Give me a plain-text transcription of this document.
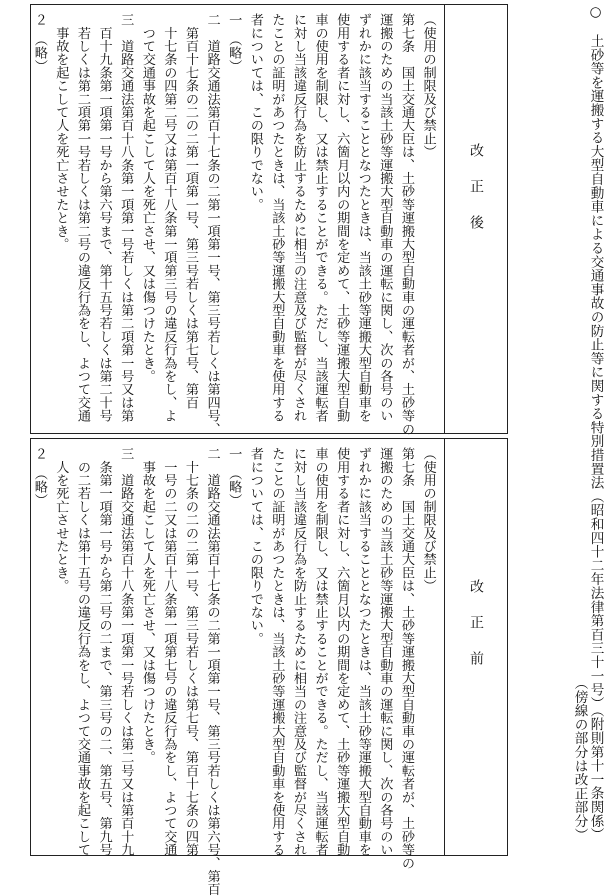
○　土砂等を運搬する大型自動車による交通事故の防止等に関する特別措置法（昭和四十二年法律第百三十一号）（附則第十一条関係）
（傍線の部分は改正部分）
改正後
（使用の制限及び禁止）
第七条　国土交通大臣は、土砂等運搬大型自動車の運転者が、土砂等の
運搬のための当該土砂等運搬大型自動車の運転に関し、次の各号のい
ずれかに該当することとなつたときは、当該土砂等運搬大型自動車を
使用する者に対し、六箇月以内の期間を定めて、土砂等運搬大型自動
車の使用を制限し、又は禁止することができる。ただし、当該運転者
に対し当該違反行為を防止するために相当の注意及び監督が尽くされ
たことの証明があつたときは、当該土砂等運搬大型自動車を使用する
者については、この限りでない。
一　（略）
二　道路交通法第百十七条の二第一項第一号、第三号若しくは第四号、
　第百十七条の二の二第一項第一号、第三号若しくは第七号、第百
　十七条の四第二号又は第百十八条第一項第三号の違反行為をし、よ
　つて交通事故を起こして人を死亡させ、又は傷つけたとき。
三　道路交通法第百十八条第一項第一号若しくは第二項第一号又は第
　百十九条第一項第一号から第六号まで、第十五号若しくは第二十号
　若しくは第二項第一号若しくは第二号の違反行為をし、よつて交通
　事故を起こして人を死亡させたとき。
２　（略）
改正前
（使用の制限及び禁止）
第七条　国土交通大臣は、土砂等運搬大型自動車の運転者が、土砂等の
運搬のための当該土砂等運搬大型自動車の運転に関し、次の各号のい
ずれかに該当することとなつたときは、当該土砂等運搬大型自動車を
使用する者に対し、六箇月以内の期間を定めて、土砂等運搬大型自動
車の使用を制限し、又は禁止することができる。ただし、当該運転者
に対し当該違反行為を防止するために相当の注意及び監督が尽くされ
たことの証明があつたときは、当該土砂等運搬大型自動車を使用する
者については、この限りでない。
一　（略）
二　道路交通法第百十七条の二第一項第一号、第三号若しくは第六号、第百
　十七条の二の二第一号、第三号若しくは第七号、第百十七条の四第
　一号の二又は第百十八条第一項第七号の違反行為をし、よつて交通
　事故を起こして人を死亡させ、又は傷つけたとき。
三　道路交通法第百十八条第一項第一号若しくは第二号又は第百十九
　条第一項第一号から第二号の二まで、第三号の二、第五号、第九号
　の二若しくは第十五号の違反行為をし、よつて交通事故を起こして
　人を死亡させたとき。
２　（略）
